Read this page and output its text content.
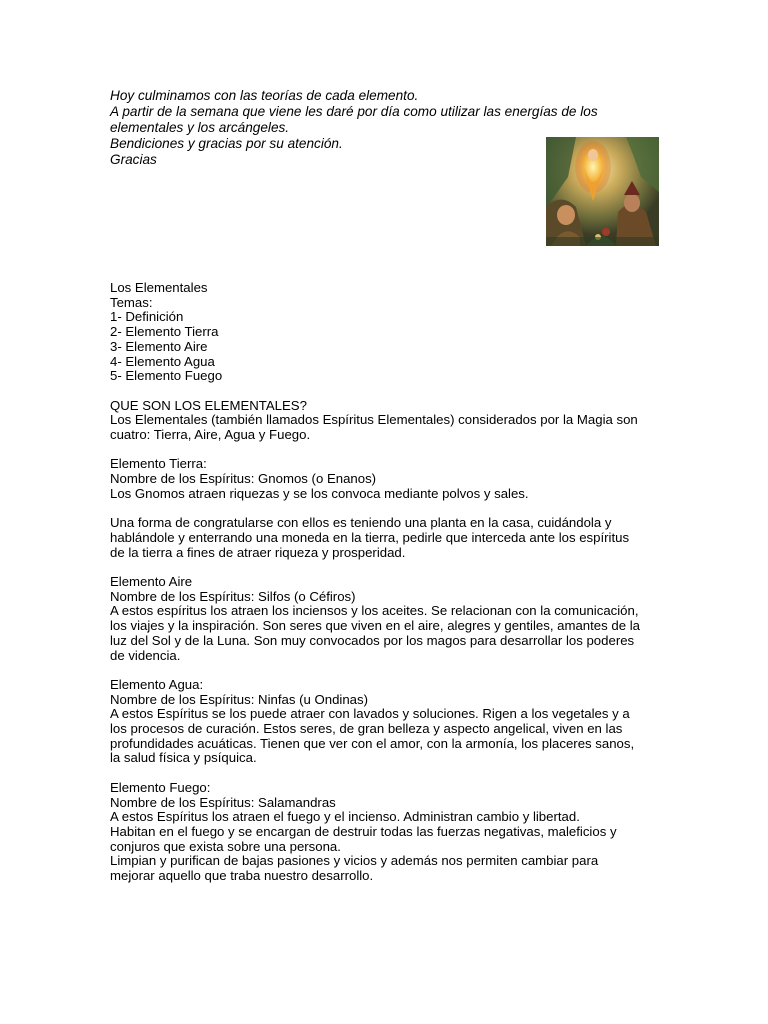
Hoy culminamos con las teorías de cada elemento.
A partir de la semana que viene les daré por día como utilizar las energías de los
elementales y los arcángeles.
Bendiciones y gracias por su atención.
Gracias
Los Elementales
Temas:
1- Definición
2- Elemento Tierra
3- Elemento Aire
4- Elemento Agua
5- Elemento Fuego
QUE SON LOS ELEMENTALES?
Los Elementales (también llamados Espíritus Elementales) considerados por la Magia son
cuatro: Tierra, Aire, Agua y Fuego.
Elemento Tierra:
Nombre de los Espíritus: Gnomos (o Enanos)
Los Gnomos atraen riquezas y se los convoca mediante polvos y sales.
Una forma de congratularse con ellos es teniendo una planta en la casa, cuidándola y
hablándole y enterrando una moneda en la tierra, pedirle que interceda ante los espíritus
de la tierra a fines de atraer riqueza y prosperidad.
Elemento Aire
Nombre de los Espíritus: Silfos (o Céfiros)
A estos espíritus los atraen los inciensos y los aceites. Se relacionan con la comunicación,
los viajes y la inspiración. Son seres que viven en el aire, alegres y gentiles, amantes de la
luz del Sol y de la Luna. Son muy convocados por los magos para desarrollar los poderes
de videncia.
Elemento Agua:
Nombre de los Espíritus: Ninfas (u Ondinas)
A estos Espíritus se los puede atraer con lavados y soluciones. Rigen a los vegetales y a
los procesos de curación. Estos seres, de gran belleza y aspecto angelical, viven en las
profundidades acuáticas. Tienen que ver con el amor, con la armonía, los placeres sanos,
la salud física y psíquica.
Elemento Fuego:
Nombre de los Espíritus: Salamandras
A estos Espíritus los atraen el fuego y el incienso. Administran cambio y libertad.
Habitan en el fuego y se encargan de destruir todas las fuerzas negativas, maleficios y
conjuros que exista sobre una persona.
Limpian y purifican de bajas pasiones y vicios y además nos permiten cambiar para
mejorar aquello que traba nuestro desarrollo.
